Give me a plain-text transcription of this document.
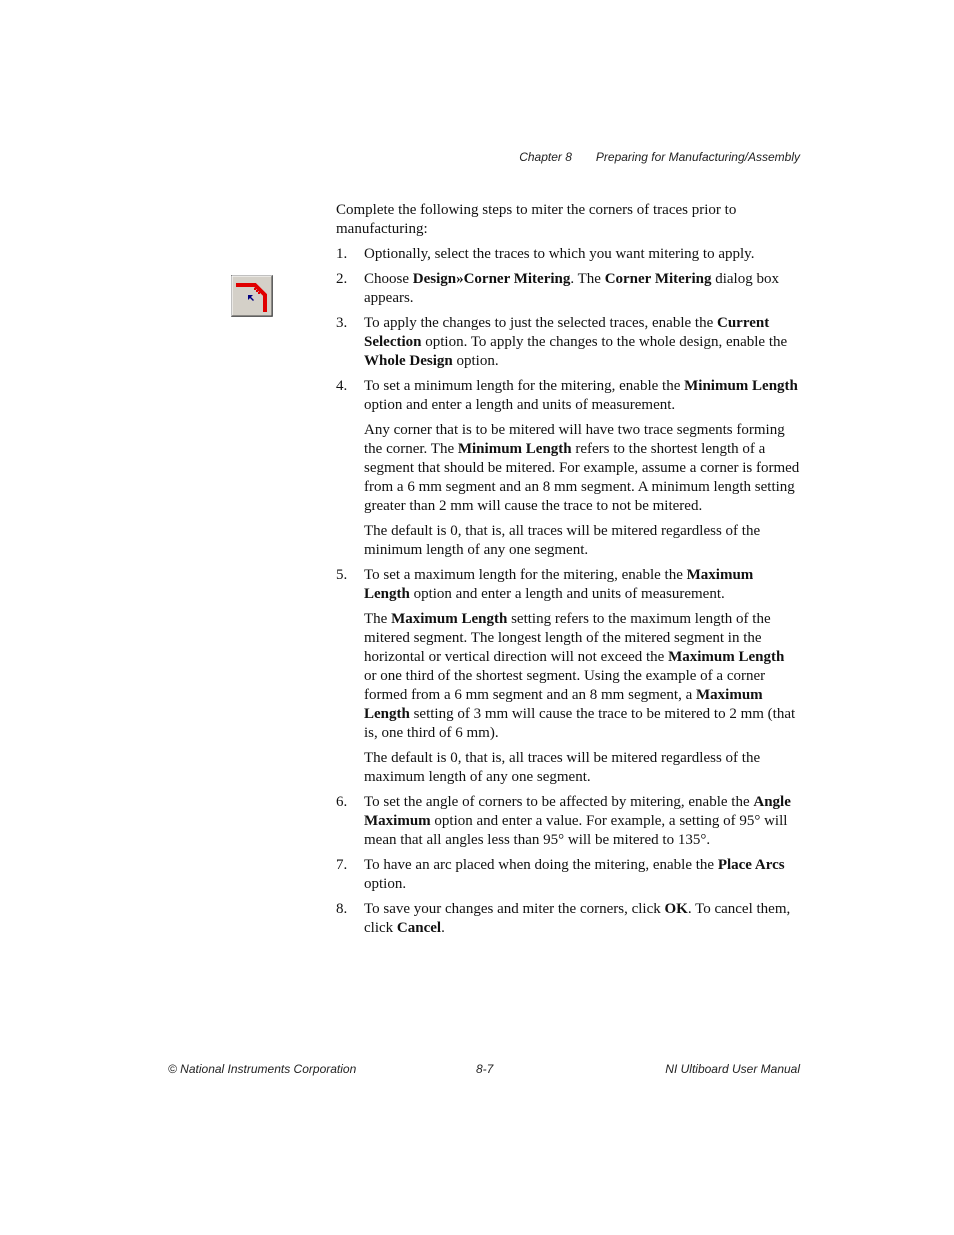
Chapter 8 Preparing for Manufacturing/Assembly

Complete the following steps to miter the corners of traces prior to manufacturing:

1.	Optionally, select the traces to which you want mitering to apply.

2.	Choose Design»Corner Mitering. The Corner Mitering dialog box appears.

3.	To apply the changes to just the selected traces, enable the Current Selection option. To apply the changes to the whole design, enable the Whole Design option.

4.	To set a minimum length for the mitering, enable the Minimum Length option and enter a length and units of measurement.

Any corner that is to be mitered will have two trace segments forming the corner. The Minimum Length refers to the shortest length of a segment that should be mitered. For example, assume a corner is formed from a 6 mm segment and an 8 mm segment. A minimum length setting greater than 2 mm will cause the trace to not be mitered.

The default is 0, that is, all traces will be mitered regardless of the minimum length of any one segment.

5.	To set a maximum length for the mitering, enable the Maximum Length option and enter a length and units of measurement.

The Maximum Length setting refers to the maximum length of the mitered segment. The longest length of the mitered segment in the horizontal or vertical direction will not exceed the Maximum Length or one third of the shortest segment. Using the example of a corner formed from a 6 mm segment and an 8 mm segment, a Maximum Length setting of 3 mm will cause the trace to be mitered to 2 mm (that is, one third of 6 mm).

The default is 0, that is, all traces will be mitered regardless of the maximum length of any one segment.

6.	To set the angle of corners to be affected by mitering, enable the Angle Maximum option and enter a value. For example, a setting of 95° will mean that all angles less than 95° will be mitered to 135°.

7.	To have an arc placed when doing the mitering, enable the Place Arcs option.

8.	To save your changes and miter the corners, click OK. To cancel them, click Cancel.

© National Instruments Corporation	8-7	NI Ultiboard User Manual
